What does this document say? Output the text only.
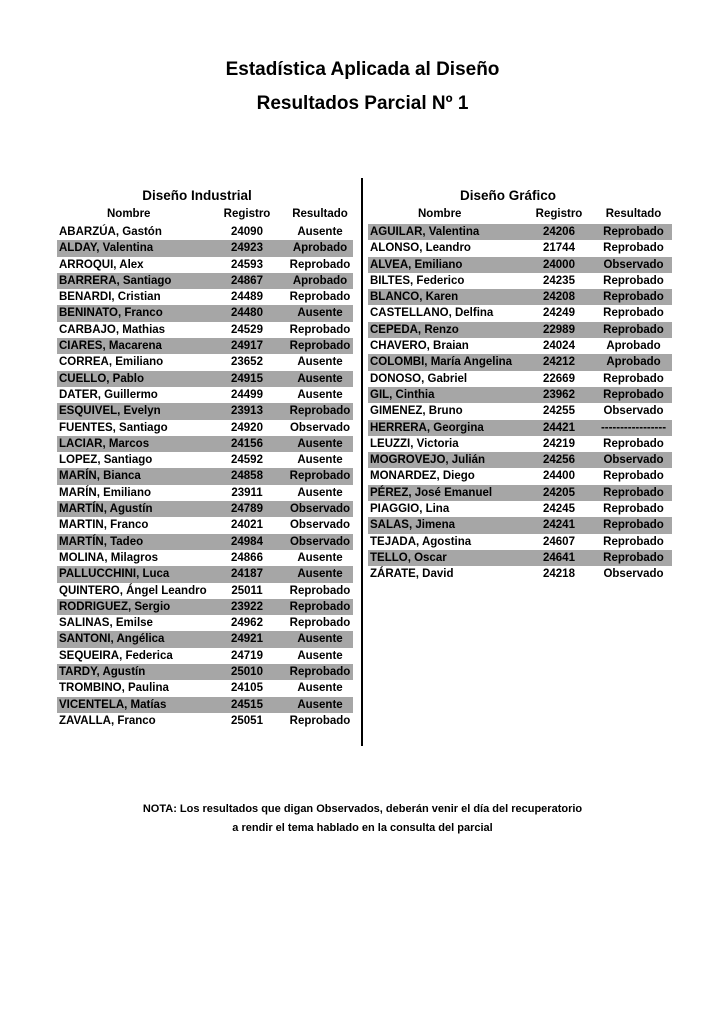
Estadística Aplicada al Diseño
Resultados Parcial Nº 1
Diseño Industrial
Nombre	Registro	Resultado
ABARZÚA, Gastón	24090	Ausente
ALDAY, Valentina	24923	Aprobado
ARROQUI, Alex	24593	Reprobado
BARRERA, Santiago	24867	Aprobado
BENARDI, Cristian	24489	Reprobado
BENINATO, Franco	24480	Ausente
CARBAJO, Mathias	24529	Reprobado
CIARES, Macarena	24917	Reprobado
CORREA, Emiliano	23652	Ausente
CUELLO, Pablo	24915	Ausente
DATER, Guillermo	24499	Ausente
ESQUIVEL, Evelyn	23913	Reprobado
FUENTES, Santiago	24920	Observado
LACIAR, Marcos	24156	Ausente
LOPEZ, Santiago	24592	Ausente
MARÍN, Bianca	24858	Reprobado
MARÍN, Emiliano	23911	Ausente
MARTÍN, Agustín	24789	Observado
MARTIN, Franco	24021	Observado
MARTÍN, Tadeo	24984	Observado
MOLINA, Milagros	24866	Ausente
PALLUCCHINI, Luca	24187	Ausente
QUINTERO, Ángel Leandro	25011	Reprobado
RODRIGUEZ, Sergio	23922	Reprobado
SALINAS, Emilse	24962	Reprobado
SANTONI, Angélica	24921	Ausente
SEQUEIRA, Federica	24719	Ausente
TARDY, Agustín	25010	Reprobado
TROMBINO, Paulina	24105	Ausente
VICENTELA, Matías	24515	Ausente
ZAVALLA, Franco	25051	Reprobado
Diseño Gráfico
Nombre	Registro	Resultado
AGUILAR, Valentina	24206	Reprobado
ALONSO, Leandro	21744	Reprobado
ALVEA, Emiliano	24000	Observado
BILTES, Federico	24235	Reprobado
BLANCO, Karen	24208	Reprobado
CASTELLANO, Delfina	24249	Reprobado
CEPEDA, Renzo	22989	Reprobado
CHAVERO, Braian	24024	Aprobado
COLOMBI, María Angelina	24212	Aprobado
DONOSO, Gabriel	22669	Reprobado
GIL, Cinthia	23962	Reprobado
GIMENEZ, Bruno	24255	Observado
HERRERA, Georgina	24421	-----------------
LEUZZI, Victoria	24219	Reprobado
MOGROVEJO, Julián	24256	Observado
MONARDEZ, Diego	24400	Reprobado
PÉREZ, José Emanuel	24205	Reprobado
PIAGGIO, Lina	24245	Reprobado
SALAS, Jimena	24241	Reprobado
TEJADA, Agostina	24607	Reprobado
TELLO, Oscar	24641	Reprobado
ZÁRATE, David	24218	Observado
NOTA: Los resultados que digan Observados, deberán venir el día del recuperatorio
a rendir el tema hablado en la consulta del parcial
